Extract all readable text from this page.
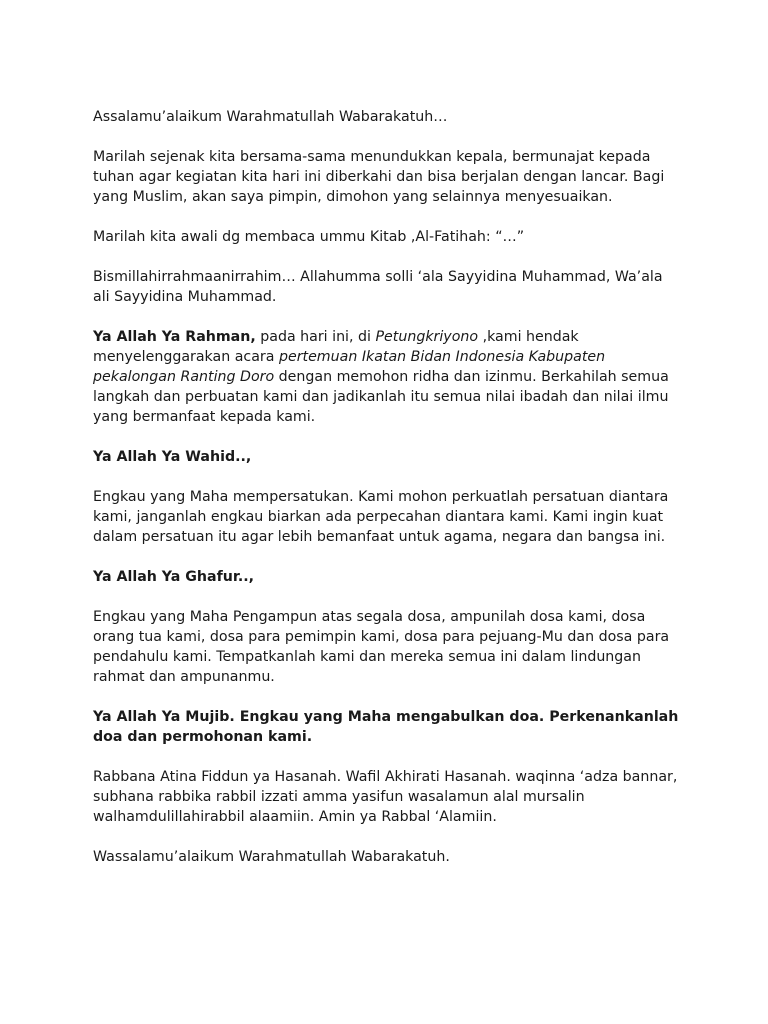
Assalamu’alaikum Warahmatullah Wabarakatuh…

Marilah sejenak kita bersama-sama menundukkan kepala, bermunajat kepada tuhan agar kegiatan kita hari ini diberkahi dan bisa berjalan dengan lancar. Bagi yang Muslim, akan saya pimpin, dimohon yang selainnya menyesuaikan.

Marilah kita awali dg membaca ummu Kitab ,Al-Fatihah: “…”

Bismillahirrahmaanirrahim… Allahumma solli ‘ala Sayyidina Muhammad, Wa’ala ali Sayyidina Muhammad.

Ya Allah Ya Rahman, pada hari ini, di Petungkriyono ,kami hendak menyelenggarakan acara pertemuan Ikatan Bidan Indonesia Kabupaten pekalongan Ranting Doro dengan memohon ridha dan izinmu. Berkahilah semua langkah dan perbuatan kami dan jadikanlah itu semua nilai ibadah dan nilai ilmu yang bermanfaat kepada kami.

Ya Allah Ya Wahid..,

Engkau yang Maha mempersatukan. Kami mohon perkuatlah persatuan diantara kami, janganlah engkau biarkan ada perpecahan diantara kami. Kami ingin kuat dalam persatuan itu agar lebih bemanfaat untuk agama, negara dan bangsa ini.

Ya Allah Ya Ghafur..,

Engkau yang Maha Pengampun atas segala dosa, ampunilah dosa kami, dosa orang tua kami, dosa para pemimpin kami, dosa para pejuang-Mu dan dosa para pendahulu kami. Tempatkanlah kami dan mereka semua ini dalam lindungan rahmat dan ampunanmu.

Ya Allah Ya Mujib. Engkau yang Maha mengabulkan doa. Perkenankanlah doa dan permohonan kami.

Rabbana Atina Fiddun ya Hasanah. Wafil Akhirati Hasanah. waqinna ‘adza bannar, subhana rabbika rabbil izzati amma yasifun wasalamun alal mursalin walhamdulillahirabbil alaamiin. Amin ya Rabbal ‘Alamiin.

Wassalamu’alaikum Warahmatullah Wabarakatuh.
